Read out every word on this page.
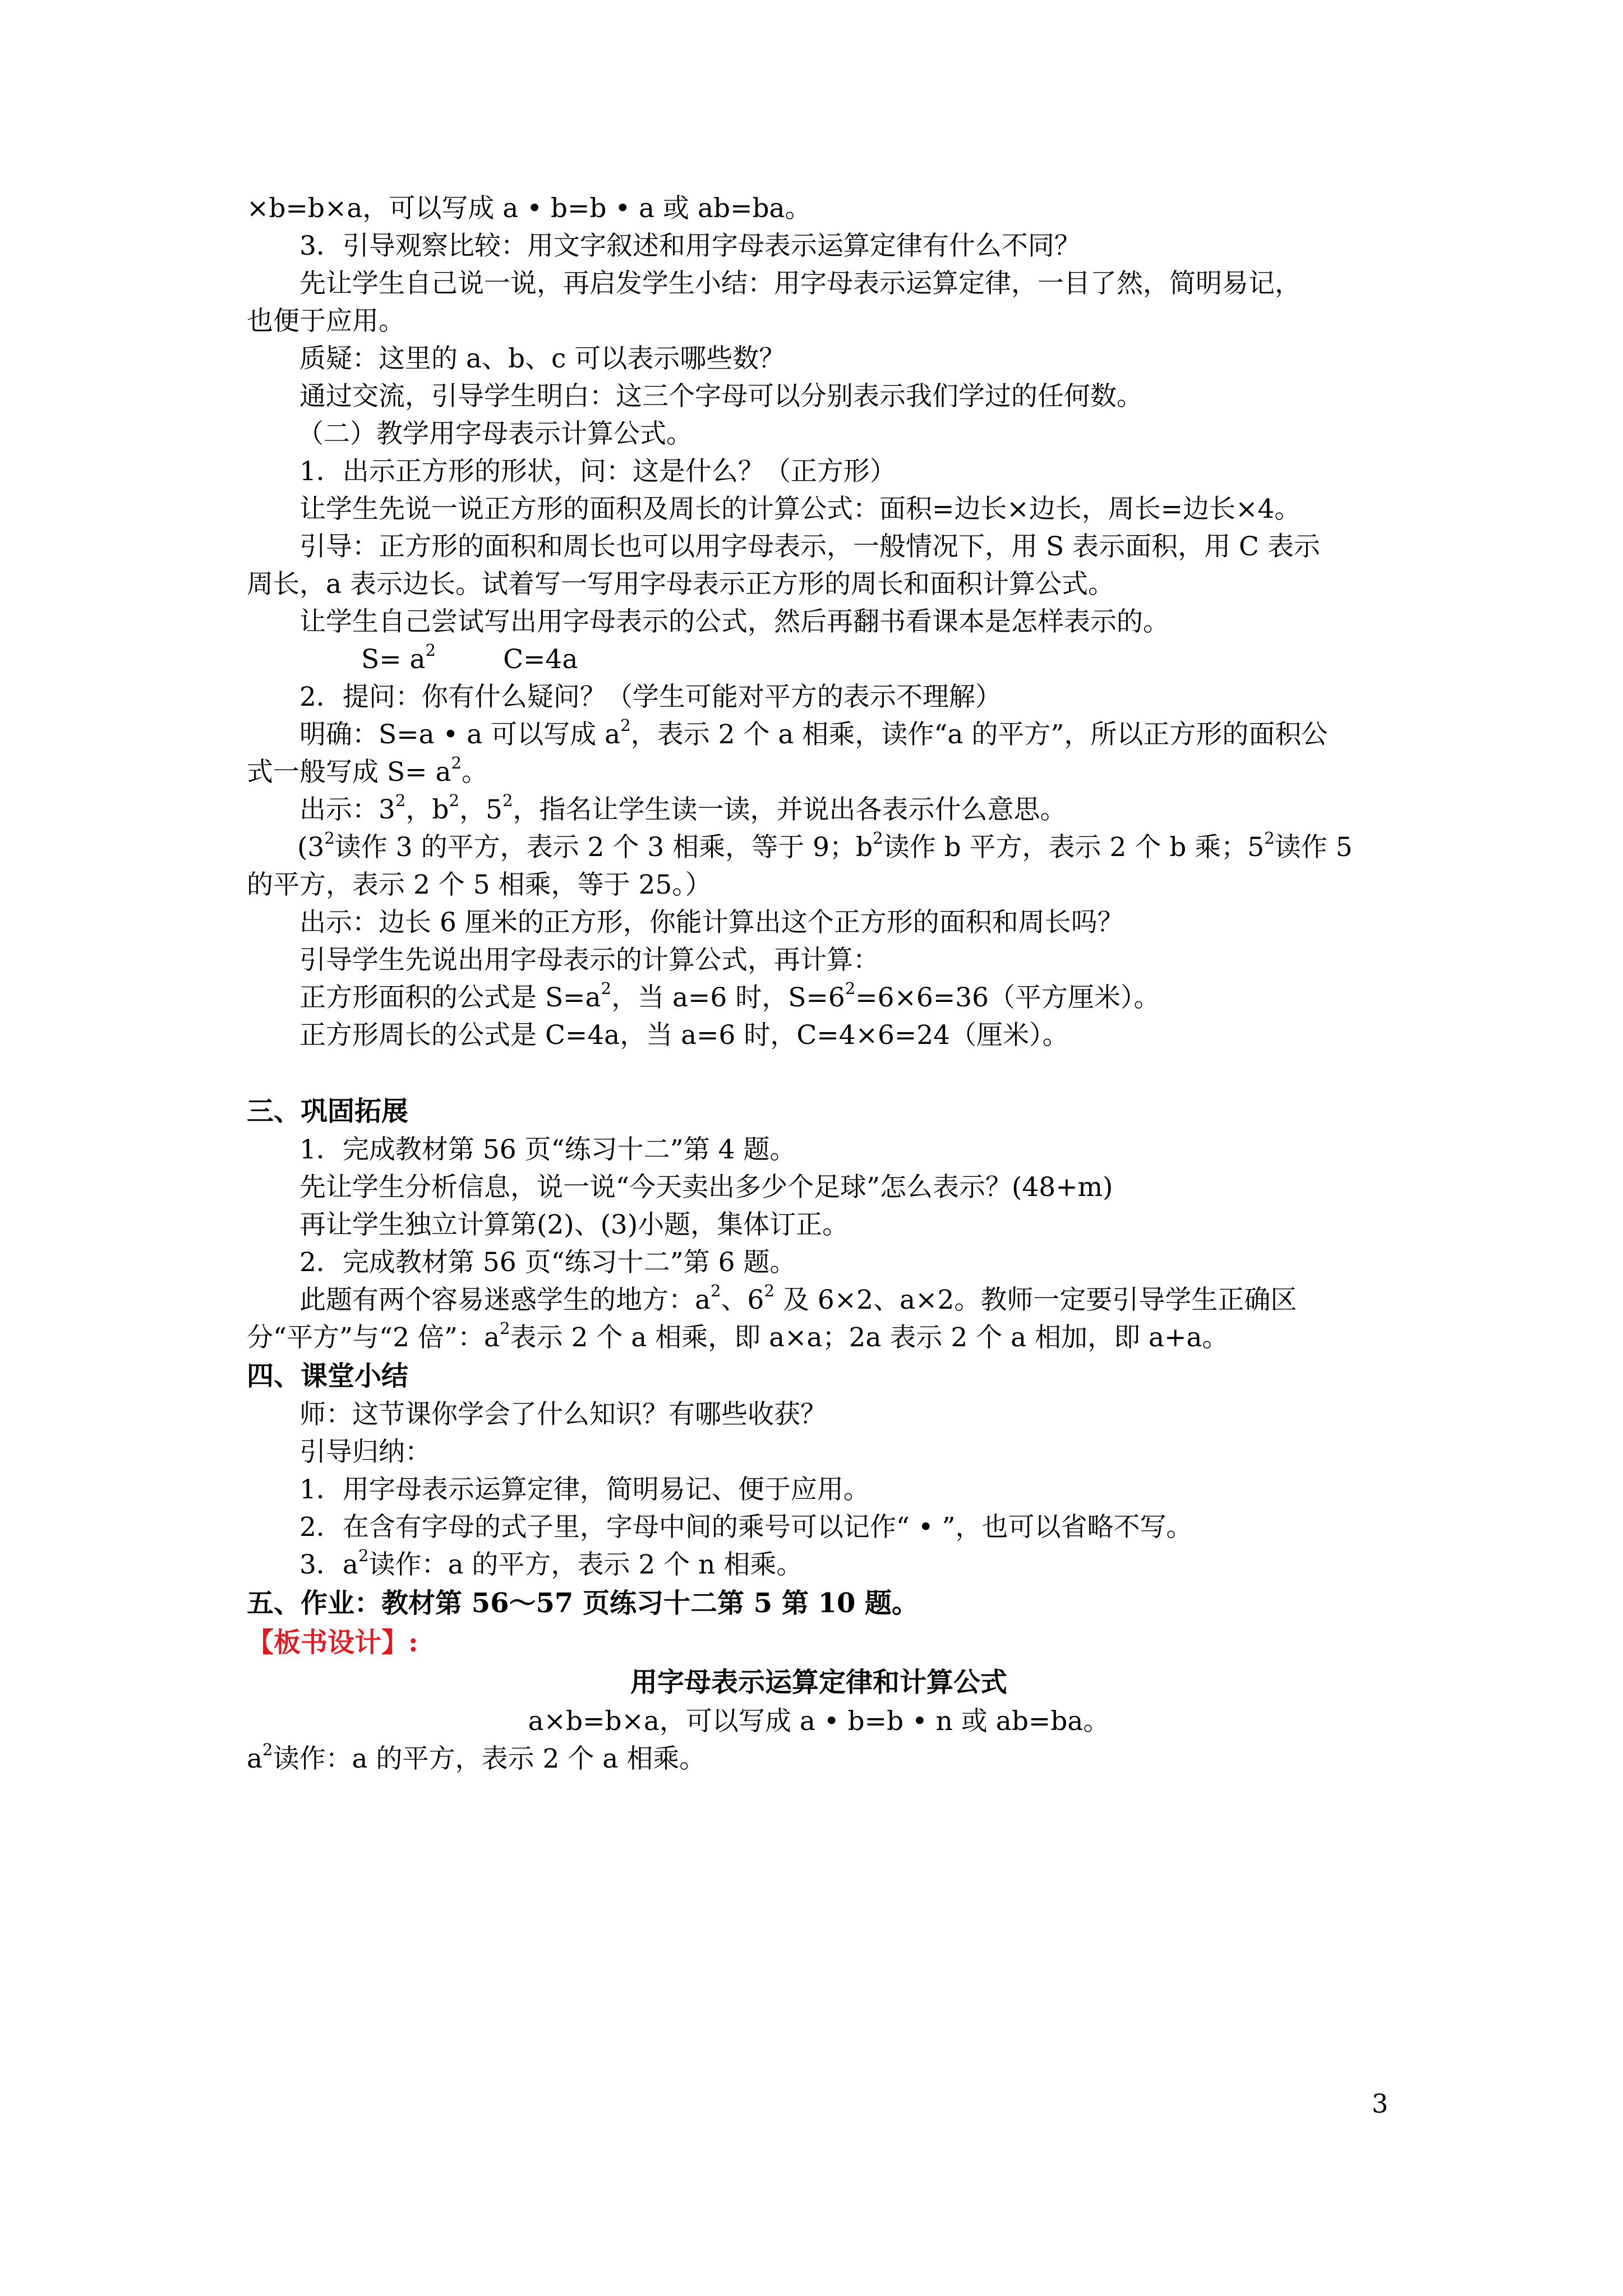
×b=b×a，可以写成 a • b=b • a 或 ab=ba。
3．引导观察比较：用文字叙述和用字母表示运算定律有什么不同？
先让学生自己说一说，再启发学生小结：用字母表示运算定律，一目了然，简明易记，
也便于应用。
质疑：这里的 a、b、c 可以表示哪些数？
通过交流，引导学生明白：这三个字母可以分别表示我们学过的任何数。
（二）教学用字母表示计算公式。
1．出示正方形的形状，问：这是什么？（正方形）
让学生先说一说正方形的面积及周长的计算公式：面积=边长×边长，周长=边长×4。
引导：正方形的面积和周长也可以用字母表示，一般情况下，用 S 表示面积，用 C 表示
周长，a 表示边长。试着写一写用字母表示正方形的周长和面积计算公式。
让学生自己尝试写出用字母表示的公式，然后再翻书看课本是怎样表示的。
$S= a^2$	C=4a
2．提问：你有什么疑问？（学生可能对平方的表示不理解）
明确：S=a • a 可以写成 $a^2$，表示 2 个 a 相乘，读作“a 的平方”，所以正方形的面积公
式一般写成 $S= a^2$。
出示：$3^2$，$b^2$，$5^2$，指名让学生读一读，并说出各表示什么意思。
($3^2$读作 3 的平方，表示 2 个 3 相乘，等于 9；$b^2$读作 b 平方，表示 2 个 b 乘；$5^2$读作 5
的平方，表示 2 个 5 相乘，等于 25。）
出示：边长 6 厘米的正方形，你能计算出这个正方形的面积和周长吗？
引导学生先说出用字母表示的计算公式，再计算：
正方形面积的公式是 $S=a^2$，当 a=6 时，$S=6^2=6\times 6=36$（平方厘米）。
正方形周长的公式是 C=4a，当 a=6 时，C=4×6=24（厘米）。
三、巩固拓展
1．完成教材第 56 页“练习十二”第 4 题。
先让学生分析信息，说一说“今天卖出多少个足球”怎么表示？(48+m)
再让学生独立计算第(2)、(3)小题，集体订正。
2．完成教材第 56 页“练习十二”第 6 题。
此题有两个容易迷惑学生的地方：$a^2$、$6^2$ 及 6×2、a×2。教师一定要引导学生正确区
分“平方”与“2 倍”：$a^2$表示 2 个 a 相乘，即 a×a；2a 表示 2 个 a 相加，即 a+a。
四、课堂小结
师：这节课你学会了什么知识？有哪些收获？
引导归纳：
1．用字母表示运算定律，简明易记、便于应用。
2．在含有字母的式子里，字母中间的乘号可以记作“ • ”，也可以省略不写。
3．$a^2$读作：a 的平方，表示 2 个 n 相乘。
五、作业：教材第 56～57 页练习十二第 5 第 10 题。
【板书设计】:
用字母表示运算定律和计算公式
a×b=b×a，可以写成 a • b=b • n 或 ab=ba。
$a^2$读作：a 的平方，表示 2 个 a 相乘。
3
